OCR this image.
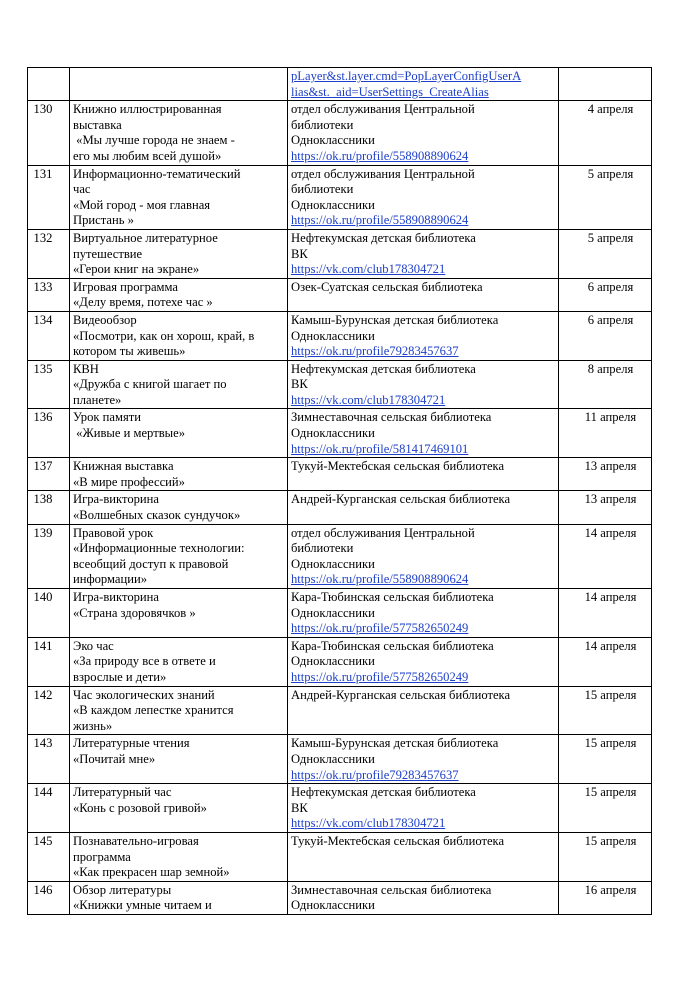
		pLayer&st.layer.cmd=PopLayerConfigUserA
lias&st._aid=UserSettings_CreateAlias	

130	Книжно иллюстрированная
выставка
«Мы лучше города не знаем -
его мы любим всей душой»	отдел обслуживания Центральной
библиотеки
Одноклассники
https://ok.ru/profile/558908890624	4 апреля
131	Информационно-тематический
час
«Мой город - моя главная
Пристань »	отдел обслуживания Центральной
библиотеки
Одноклассники
https://ok.ru/profile/558908890624	5 апреля
132	Виртуальное литературное
путешествие
«Герои книг на экране»	Нефтекумская детская библиотека
ВК
https://vk.com/club178304721	5 апреля
133	Игровая программа
«Делу время, потехе час »	Озек-Суатская сельская библиотека	6 апреля
134	Видеообзор
«Посмотри, как он хорош, край, в
котором ты живешь»	Камыш-Бурунская детская библиотека
Одноклассники
https://ok.ru/profile79283457637	6 апреля
135	КВН
«Дружба с книгой шагает по
планете»	Нефтекумская детская библиотека
ВК
https://vk.com/club178304721	8 апреля
136	Урок памяти
«Живые и мертвые»	Зимнеставочная сельская библиотека
Одноклассники
https://ok.ru/profile/581417469101	11 апреля
137	Книжная выставка
«В мире профессий»	Тукуй-Мектебская сельская библиотека	13 апреля
138	Игра-викторина
«Волшебных сказок сундучок»	Андрей-Курганская сельская библиотека	13 апреля
139	Правовой урок
«Информационные технологии:
всеобщий доступ к правовой
информации»	отдел обслуживания Центральной
библиотеки
Одноклассники
https://ok.ru/profile/558908890624	14 апреля
140	Игра-викторина
«Страна здоровячков »	Кара-Тюбинская сельская библиотека
Одноклассники
https://ok.ru/profile/577582650249	14 апреля
141	Эко час
«За природу все в ответе и
взрослые и дети»	Кара-Тюбинская сельская библиотека
Одноклассники
https://ok.ru/profile/577582650249	14 апреля
142	Час экологических знаний
«В каждом лепестке хранится
жизнь»	Андрей-Курганская сельская библиотека	15 апреля
143	Литературные чтения
«Почитай мне»	Камыш-Бурунская детская библиотека
Одноклассники
https://ok.ru/profile79283457637	15 апреля
144	Литературный час
«Конь с розовой гривой»	Нефтекумская детская библиотека
ВК
https://vk.com/club178304721	15 апреля
145	Познавательно-игровая
программа
«Как прекрасен шар земной»	Тукуй-Мектебская сельская библиотека	15 апреля
146	Обзор литературы
«Книжки умные читаем и	Зимнеставочная сельская библиотека
Одноклассники	16 апреля
